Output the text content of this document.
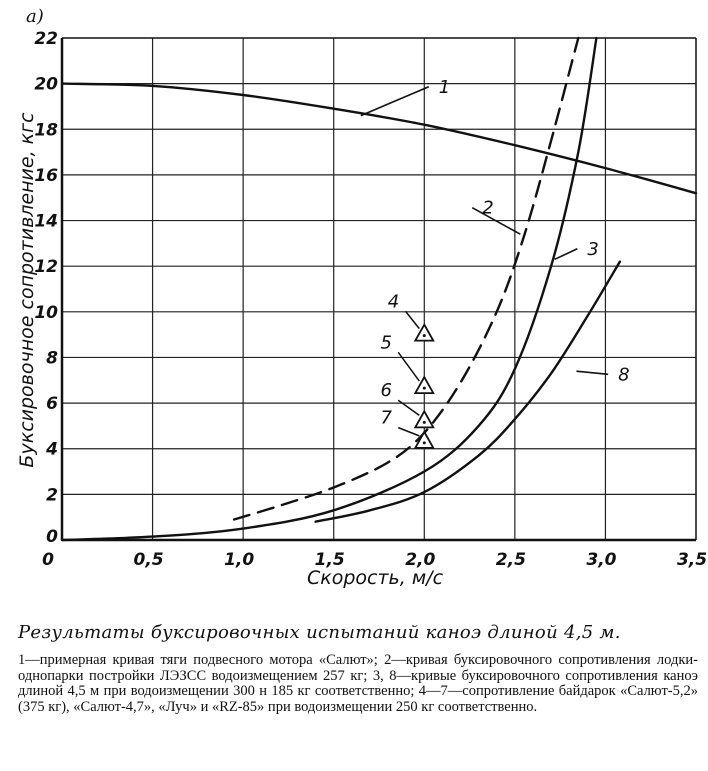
0	0,5	1,0	1,5	2,0	2,5	3,0	3,5
2
4
6
8
10
12
14
16
18
20
22
0
1
2
3
8
4
5
6
7
а)
Скорость, м/с
Буксировочное сопротивление, кгс

Результаты буксировочных испытаний каноэ длиной 4,5 м.

1—примерная кривая тяги подвесного мотора «Салют»; 2—кривая буксировочного сопротивления лодки-однопарки постройки ЛЭЗСС водоизмещением 257 кг; 3, 8—кривые буксировочного сопротивления каноэ длиной 4,5 м при водоизмещении 300 н 185 кг соответственно; 4—7—сопротивление байдарок «Салют-5,2» (375 кг), «Салют-4,7», «Луч» и «RZ-85» при водоизмещении 250 кг соответственно.
